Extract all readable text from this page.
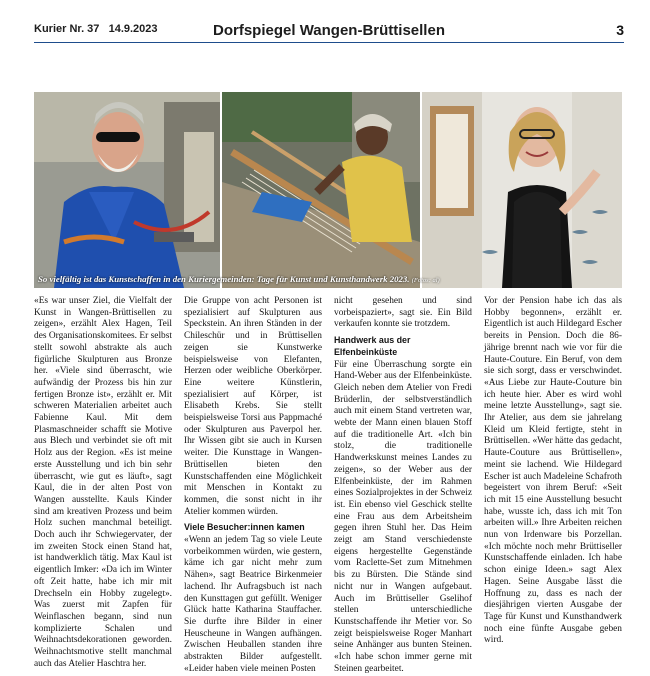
Kurier Nr. 37 14.9.2023	Dorfspiegel Wangen-Brüttisellen	3
So vielfältig ist das Kunstschaffen in den Kuriergemeinden: Tage für Kunst und Kunsthandwerk 2023. (Fotos: al)

«Es war unser Ziel, die Vielfalt der Kunst in Wangen-Brüttisellen zu zeigen», erzählt Alex Hagen, Teil des Organisationskomitees. Er selbst stellt sowohl abstrakte als auch figürliche Skulpturen aus Bronze her. «Viele sind überrascht, wie aufwändig der Prozess bis hin zur fertigen Bronze ist», erzählt er. Mit schweren Materialien arbeitet auch Fabienne Kaul. Mit dem Plasmaschneider schafft sie Motive aus Blech und verbindet sie oft mit Holz aus der Region. «Es ist meine erste Ausstellung und ich bin sehr überrascht, wie gut es läuft», sagt Kaul, die in der alten Post von Wangen ausstellte. Kauls Kinder sind am kreativen Prozess und beim Holz suchen manchmal beteiligt. Doch auch ihr Schwiegervater, der im zweiten Stock einen Stand hat, ist handwerklich tätig. Max Kaul ist eigentlich Imker: «Da ich im Winter oft Zeit hatte, habe ich mir mit Drechseln ein Hobby zugelegt». Was zuerst mit Zapfen für Weinflaschen begann, sind nun komplizierte Schalen und Weihnachtsdekorationen geworden. Weihnachtsmotive stellt manchmal auch das Atelier Haschtra her.

Die Gruppe von acht Personen ist spezialisiert auf Skulpturen aus Speckstein. An ihren Ständen in der Chileschür und in Brüttisellen zeigen sie Kunstwerke beispielsweise von Elefanten, Herzen oder weibliche Oberkörper. Eine weitere Künstlerin, spezialisiert auf Körper, ist Elisabeth Krebs. Sie stellt beispielsweise Torsi aus Pappmaché oder Skulpturen aus Paverpol her. Ihr Wissen gibt sie auch in Kursen weiter. Die Kunsttage in Wangen-Brüttisellen bieten den Kunstschaffenden eine Möglichkeit mit Menschen in Kontakt zu kommen, die sonst nicht in ihr Atelier kommen würden.

Viele Besucher:innen kamen

«Wenn an jedem Tag so viele Leute vorbeikommen würden, wie gestern, käme ich gar nicht mehr zum Nähen», sagt Beatrice Birkenmeier lachend. Ihr Aufragsbuch ist nach den Kunsttagen gut gefüllt. Weniger Glück hatte Katharina Stauffacher. Sie durfte ihre Bilder in einer Heuscheune in Wangen aufhängen. Zwischen Heuballen standen ihre abstrakten Bilder aufgestellt. «Leider haben viele meinen Posten

nicht gesehen und sind vorbeispaziert», sagt sie. Ein Bild verkaufen konnte sie trotzdem.

Handwerk aus der Elfenbeinküste

Für eine Überraschung sorgte ein Hand-Weber aus der Elfenbeinküste. Gleich neben dem Atelier von Fredi Brüderlin, der selbstverständlich auch mit einem Stand vertreten war, webte der Mann einen blauen Stoff auf die traditionelle Art. «Ich bin stolz, die traditionelle Handwerkskunst meines Landes zu zeigen», so der Weber aus der Elfenbeinküste, der im Rahmen eines Sozialprojektes in der Schweiz ist. Ein ebenso viel Geschick stellte eine Frau aus dem Arbeitsheim gegen ihren Stuhl her. Das Heim zeigt am Stand verschiedenste eigens hergestellte Gegenstände vom Raclette-Set zum Mitnehmen bis zu Bürsten. Die Stände sind nicht nur in Wangen aufgebaut. Auch im Brüttiseller Gselihof stellen unterschiedliche Kunstschaffende ihr Metier vor. So zeigt beispielsweise Roger Manhart seine Anhänger aus bunten Steinen. «Ich habe schon immer gerne mit Steinen gearbeitet.

Vor der Pension habe ich das als Hobby begonnen», erzählt er. Eigentlich ist auch Hildegard Escher bereits in Pension. Doch die 86-jährige brennt nach wie vor für die Haute-Couture. Ein Beruf, von dem sie sich sorgt, dass er verschwindet. «Aus Liebe zur Haute-Couture bin ich heute hier. Aber es wird wohl meine letzte Ausstellung», sagt sie. Ihr Atelier, aus dem sie jahrelang Kleid um Kleid fertigte, steht in Brüttisellen. «Wer hätte das gedacht, Haute-Couture aus Brüttisellen», meint sie lachend. Wie Hildegard Escher ist auch Madeleine Schafroth begeistert von ihrem Beruf: «Seit ich mit 15 eine Ausstellung besucht habe, wusste ich, dass ich mit Ton arbeiten will.» Ihre Arbeiten reichen nun von Irdenware bis Porzellan. «Ich möchte noch mehr Brüttiseller Kunstschaffende einladen. Ich habe schon einige Ideen.» sagt Alex Hagen. Seine Ausgabe lässt die Hoffnung zu, dass es nach der diesjährigen vierten Ausgabe der Tage für Kunst und Kunsthandwerk noch eine fünfte Ausgabe geben wird.
